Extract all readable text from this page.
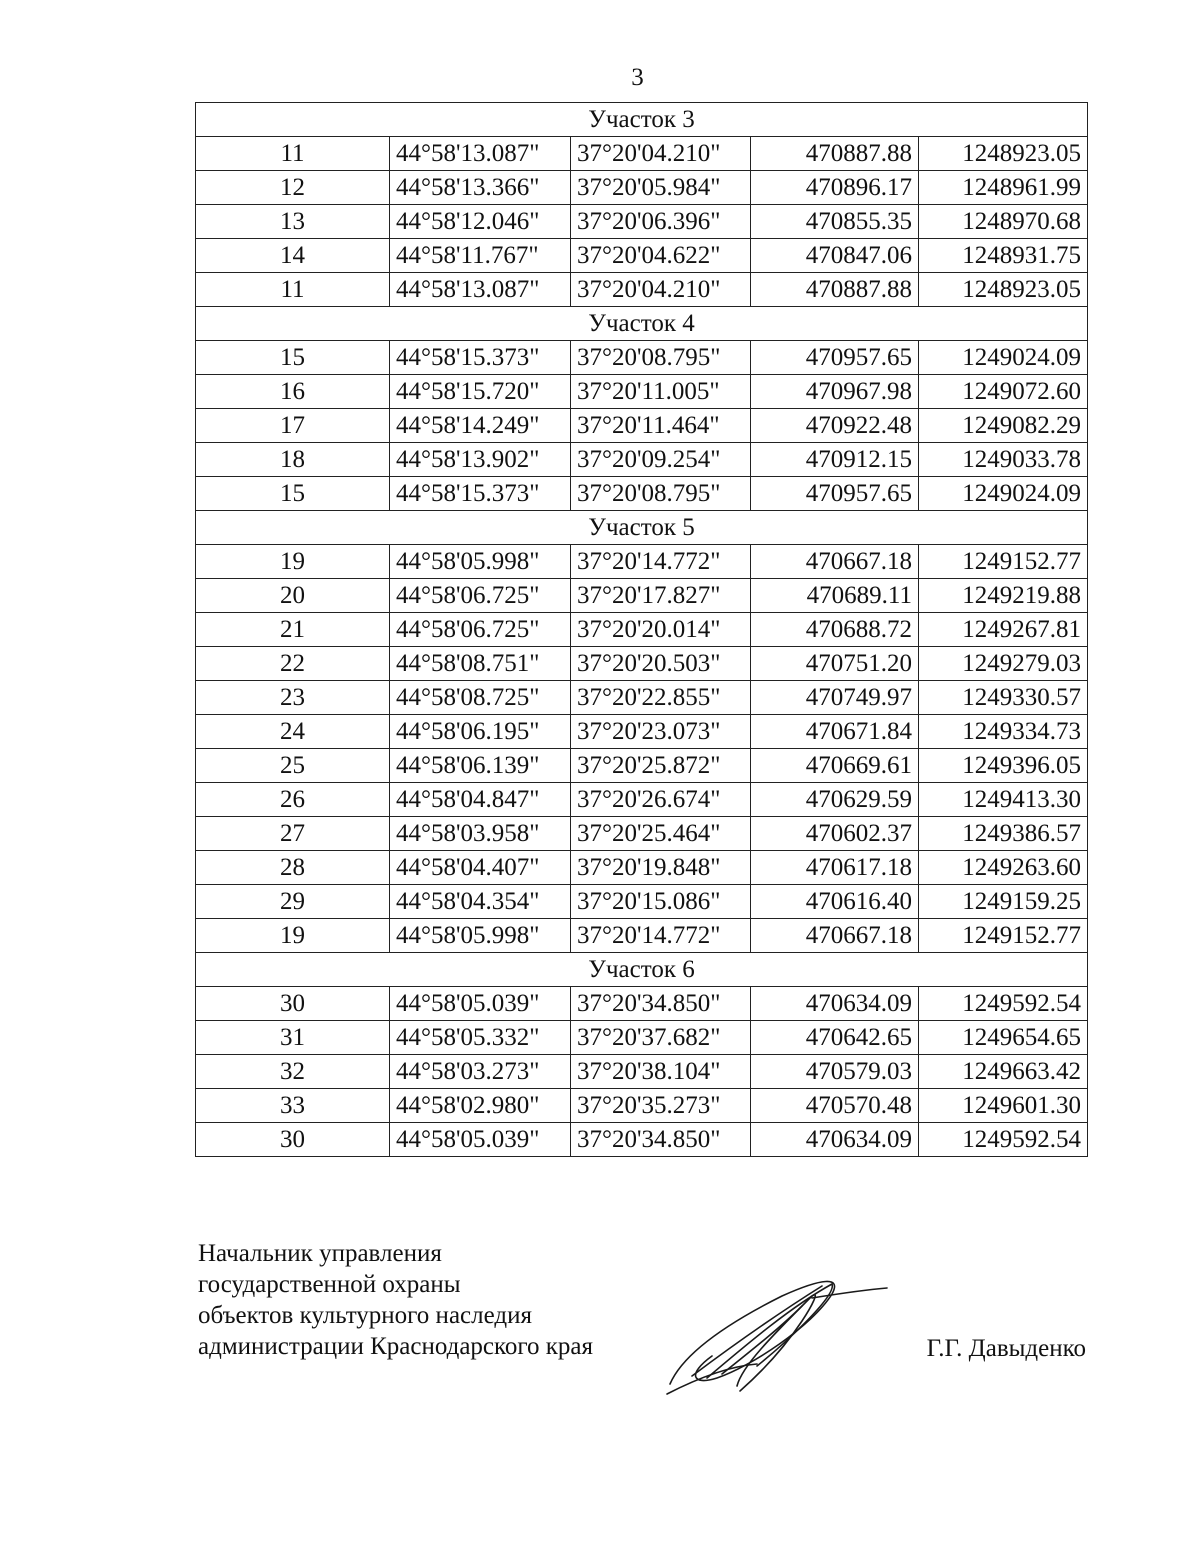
3
Участок 3				
11	44°58'13.087"	37°20'04.210"	470887.88	1248923.05
12	44°58'13.366"	37°20'05.984"	470896.17	1248961.99
13	44°58'12.046"	37°20'06.396"	470855.35	1248970.68
14	44°58'11.767"	37°20'04.622"	470847.06	1248931.75
11	44°58'13.087"	37°20'04.210"	470887.88	1248923.05
Участок 4				
15	44°58'15.373"	37°20'08.795"	470957.65	1249024.09
16	44°58'15.720"	37°20'11.005"	470967.98	1249072.60
17	44°58'14.249"	37°20'11.464"	470922.48	1249082.29
18	44°58'13.902"	37°20'09.254"	470912.15	1249033.78
15	44°58'15.373"	37°20'08.795"	470957.65	1249024.09
Участок 5				
19	44°58'05.998"	37°20'14.772"	470667.18	1249152.77
20	44°58'06.725"	37°20'17.827"	470689.11	1249219.88
21	44°58'06.725"	37°20'20.014"	470688.72	1249267.81
22	44°58'08.751"	37°20'20.503"	470751.20	1249279.03
23	44°58'08.725"	37°20'22.855"	470749.97	1249330.57
24	44°58'06.195"	37°20'23.073"	470671.84	1249334.73
25	44°58'06.139"	37°20'25.872"	470669.61	1249396.05
26	44°58'04.847"	37°20'26.674"	470629.59	1249413.30
27	44°58'03.958"	37°20'25.464"	470602.37	1249386.57
28	44°58'04.407"	37°20'19.848"	470617.18	1249263.60
29	44°58'04.354"	37°20'15.086"	470616.40	1249159.25
19	44°58'05.998"	37°20'14.772"	470667.18	1249152.77
Участок 6				
30	44°58'05.039"	37°20'34.850"	470634.09	1249592.54
31	44°58'05.332"	37°20'37.682"	470642.65	1249654.65
32	44°58'03.273"	37°20'38.104"	470579.03	1249663.42
33	44°58'02.980"	37°20'35.273"	470570.48	1249601.30
30	44°58'05.039"	37°20'34.850"	470634.09	1249592.54
Начальник управления
государственной охраны
объектов культурного наследия
администрации Краснодарского края	Г.Г. Давыденко
